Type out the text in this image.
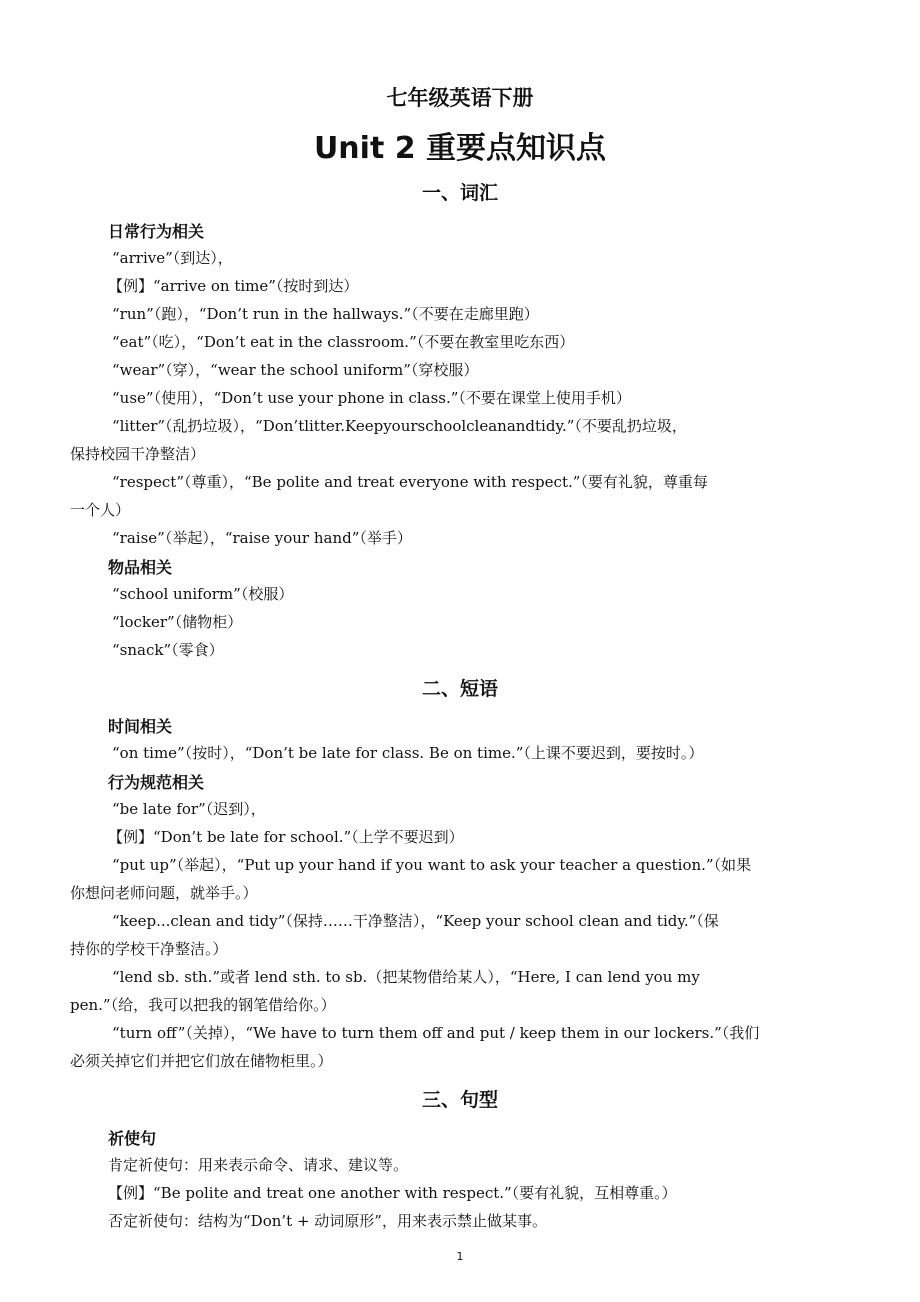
七年级英语下册
Unit 2 重要点知识点
一、词汇
日常行为相关
“arrive”（到达），
【例】“arrive on time”（按时到达）
“run”（跑），“Don’t run in the hallways.”（不要在走廊里跑）
“eat”（吃），“Don’t eat in the classroom.”（不要在教室里吃东西）
“wear”（穿），“wear the school uniform”（穿校服）
“use”（使用），“Don’t use your phone in class.”（不要在课堂上使用手机）
“litter”（乱扔垃圾），“Don’tlitter.Keepyourschoolcleanandtidy.”（不要乱扔垃圾，
保持校园干净整洁）
“respect”（尊重），“Be polite and treat everyone with respect.”（要有礼貌，尊重每
一个人）
“raise”（举起），“raise your hand”（举手）
物品相关
“school uniform”（校服）
“locker”（储物柜）
“snack”（零食）
二、短语
时间相关
“on time”（按时），“Don’t be late for class. Be on time.”（上课不要迟到，要按时。）
行为规范相关
“be late for”（迟到），
【例】“Don’t be late for school.”（上学不要迟到）
“put up”（举起），“Put up your hand if you want to ask your teacher a question.”（如果
你想问老师问题，就举手。）
“keep...clean and tidy”（保持……干净整洁），“Keep your school clean and tidy.”（保
持你的学校干净整洁。）
“lend sb. sth.”或者 lend sth. to sb.（把某物借给某人），“Here, I can lend you my
pen.”（给，我可以把我的钢笔借给你。）
“turn off”（关掉），“We have to turn them off and put / keep them in our lockers.”（我们
必须关掉它们并把它们放在储物柜里。）
三、句型
祈使句
肯定祈使句：用来表示命令、请求、建议等。
【例】“Be polite and treat one another with respect.”（要有礼貌，互相尊重。）
否定祈使句：结构为“Don’t + 动词原形”，用来表示禁止做某事。
1
